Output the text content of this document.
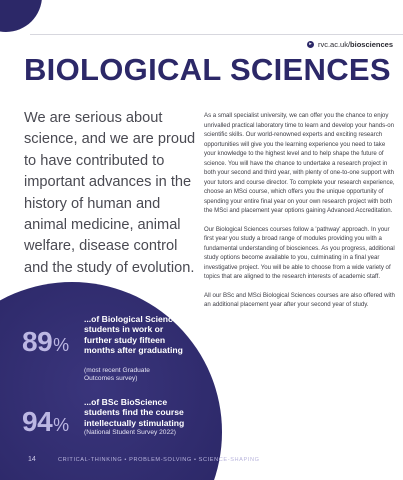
▸ rvc.ac.uk/ biosciences
BIOLOGICAL SCIENCES

We are serious about science, and we are proud to have contributed to important advances in the history of human and animal medicine, animal welfare, disease control and the study of evolution.

As a small specialist university, we can offer you the chance to enjoy unrivalled practical laboratory time to learn and develop your hands-on scientific skills. Our world-renowned experts and exciting research opportunities will give you the learning experience you need to take your knowledge to the highest level and to help shape the future of science. You will have the chance to undertake a research project in both your second and third year, with plenty of one-to-one support with your tutors and course director. To complete your research experience, choose an MSci course, which offers you the unique opportunity of spending your entire final year on your own research project with both the MSci and placement year options gaining Advanced Accreditation.

Our Biological Sciences courses follow a 'pathway' approach. In your first year you study a broad range of modules providing you with a fundamental understanding of biosciences. As you progress, additional study options become available to you, culminating in a final year investigative project. You will be able to choose from a wide variety of topics that are aligned to the research interests of academic staff.

All our BSc and MSci Biological Sciences courses are also offered with an additional placement year after your second year of study.

89%
...of Biological Sciences students in work or further study fifteen months after graduating
(most recent Graduate Outcomes survey)
94%
...of BSc BioScience students find the course intellectually stimulating
(National Student Survey 2022)
14	CRITICAL-THINKING • PROBLEM-SOLVING • SCIENCE-SHAPING
